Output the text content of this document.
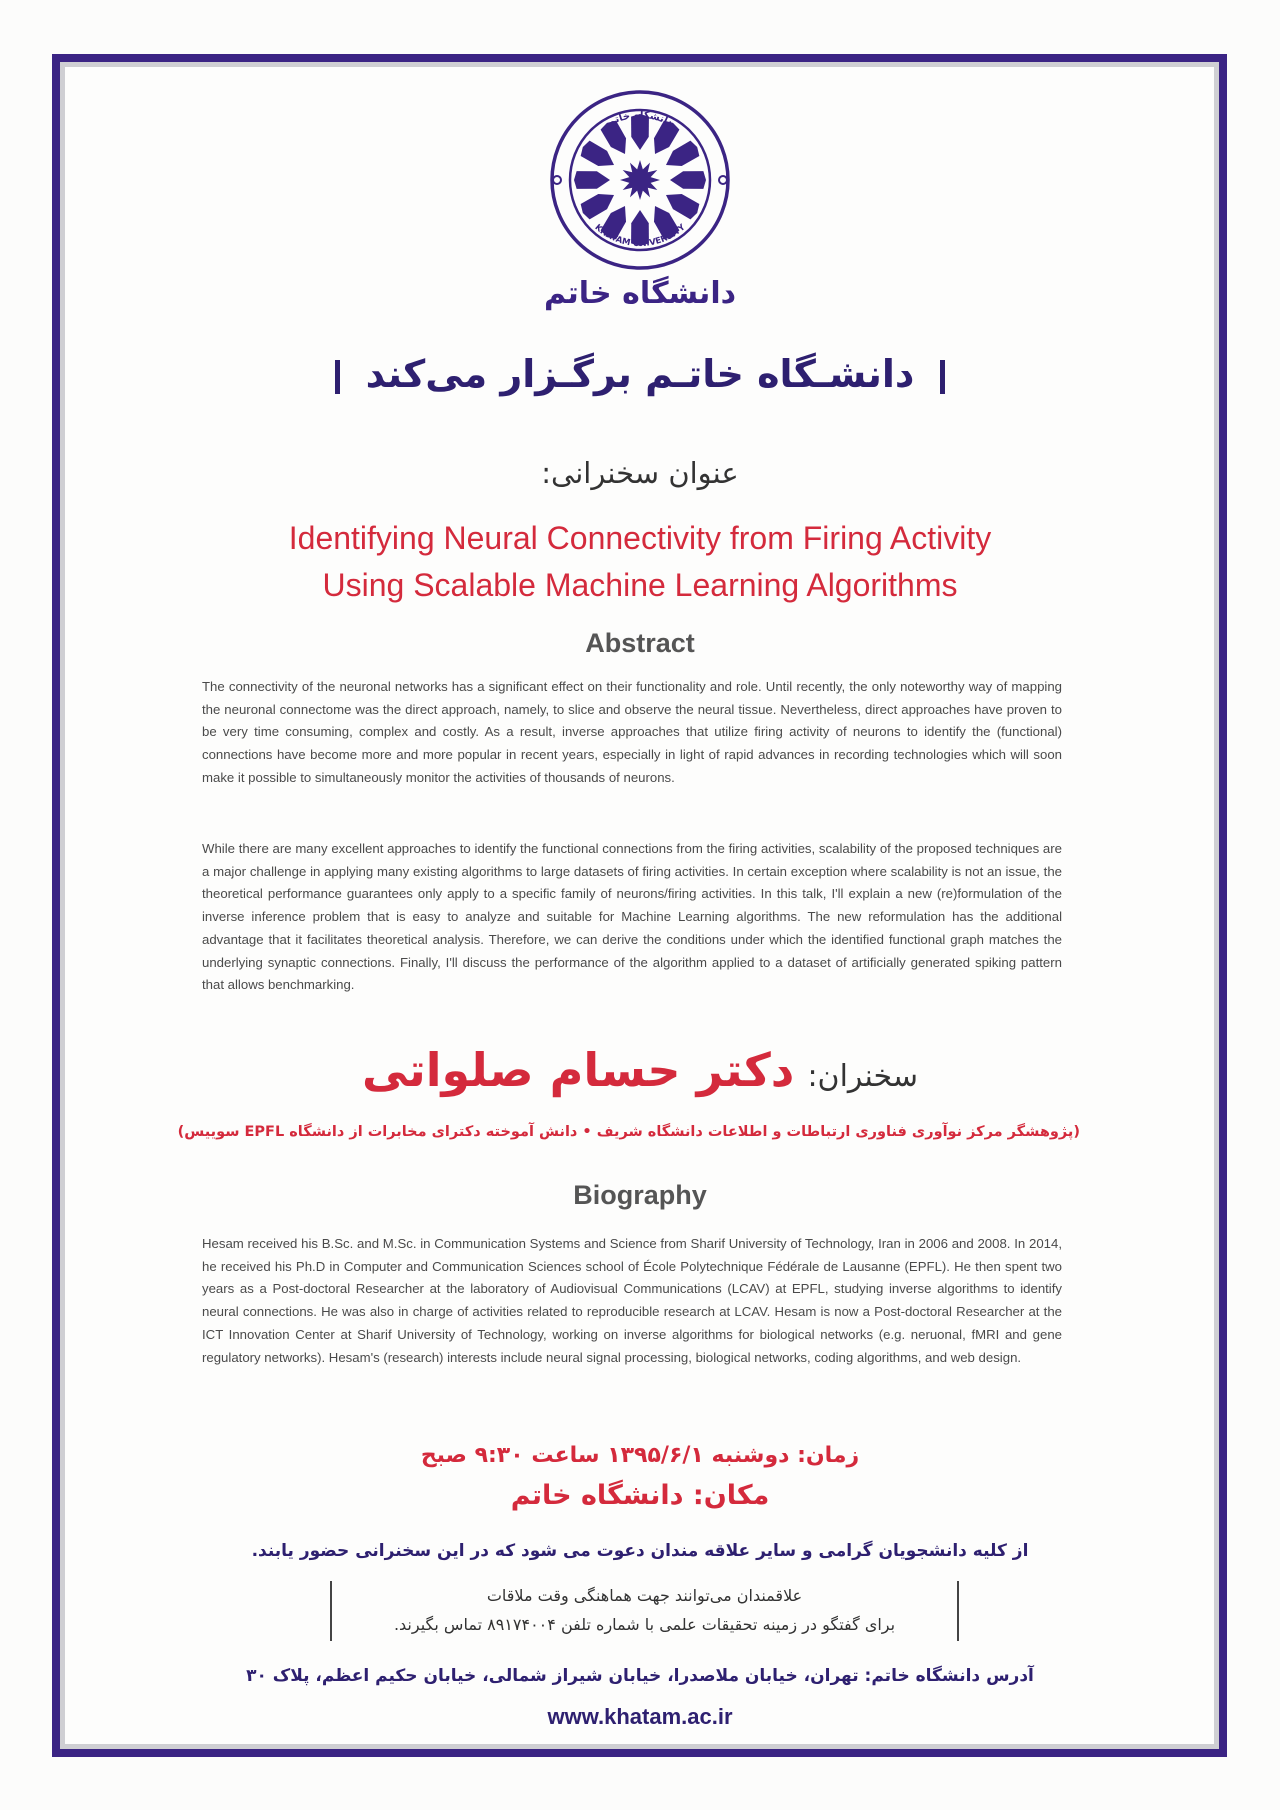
دانشگاه خاتم
KHATAM UNIVERSITY
دانشگاه خاتم
دانشـگاه خاتـم برگـزار می‌کند
عنوان سخنرانی:
Identifying Neural Connectivity from Firing Activity
Using Scalable Machine Learning Algorithms
Abstract
The connectivity of the neuronal networks has a significant effect on their functionality and role. Until recently, the only noteworthy way of mapping the neuronal connectome was the direct approach, namely, to slice and observe the neural tissue. Nevertheless, direct approaches have proven to be very time consuming, complex and costly. As a result, inverse approaches that utilize firing activity of neurons to identify the (functional) connections have become more and more popular in recent years, especially in light of rapid advances in recording technologies which will soon make it possible to simultaneously monitor the activities of thousands of neurons.
While there are many excellent approaches to identify the functional connections from the firing activities, scalability of the proposed techniques are a major challenge in applying many existing algorithms to large datasets of firing activities. In certain exception where scalability is not an issue, the theoretical performance guarantees only apply to a specific family of neurons/firing activities. In this talk, I'll explain a new (re)formulation of the inverse inference problem that is easy to analyze and suitable for Machine Learning algorithms. The new reformulation has the additional advantage that it facilitates theoretical analysis. Therefore, we can derive the conditions under which the identified functional graph matches the underlying synaptic connections. Finally, I'll discuss the performance of the algorithm applied to a dataset of artificially generated spiking pattern that allows benchmarking.
سخنران: دکتر حسام صلواتی
(پژوهشگر مرکز نوآوری فناوری ارتباطات و اطلاعات دانشگاه شریف • دانش آموخته دکترای مخابرات از دانشگاه EPFL سوییس)
Biography
Hesam received his B.Sc. and M.Sc. in Communication Systems and Science from Sharif University of Technology, Iran in 2006 and 2008. In 2014, he received his Ph.D in Computer and Communication Sciences school of École Polytechnique Fédérale de Lausanne (EPFL). He then spent two years as a Post-doctoral Researcher at the laboratory of Audiovisual Communications (LCAV) at EPFL, studying inverse algorithms to identify neural connections. He was also in charge of activities related to reproducible research at LCAV. Hesam is now a Post-doctoral Researcher at the ICT Innovation Center at Sharif University of Technology, working on inverse algorithms for biological networks (e.g. neruonal, fMRI and gene regulatory networks). Hesam's (research) interests include neural signal processing, biological networks, coding algorithms, and web design.
زمان: دوشنبه ۱۳۹۵/۶/۱ ساعت ۹:۳۰ صبح
مکان: دانشگاه خاتم
از کلیه دانشجویان گرامی و سایر علاقه مندان دعوت می شود که در این سخنرانی حضور یابند.
علاقمندان می‌توانند جهت هماهنگی وقت ملاقات
برای گفتگو در زمینه تحقیقات علمی با شماره تلفن ۸۹۱۷۴۰۰۴ تماس بگیرند.
آدرس دانشگاه خاتم: تهران، خیابان ملاصدرا، خیابان شیراز شمالی، خیابان حکیم اعظم، پلاک ۳۰
www.khatam.ac.ir
